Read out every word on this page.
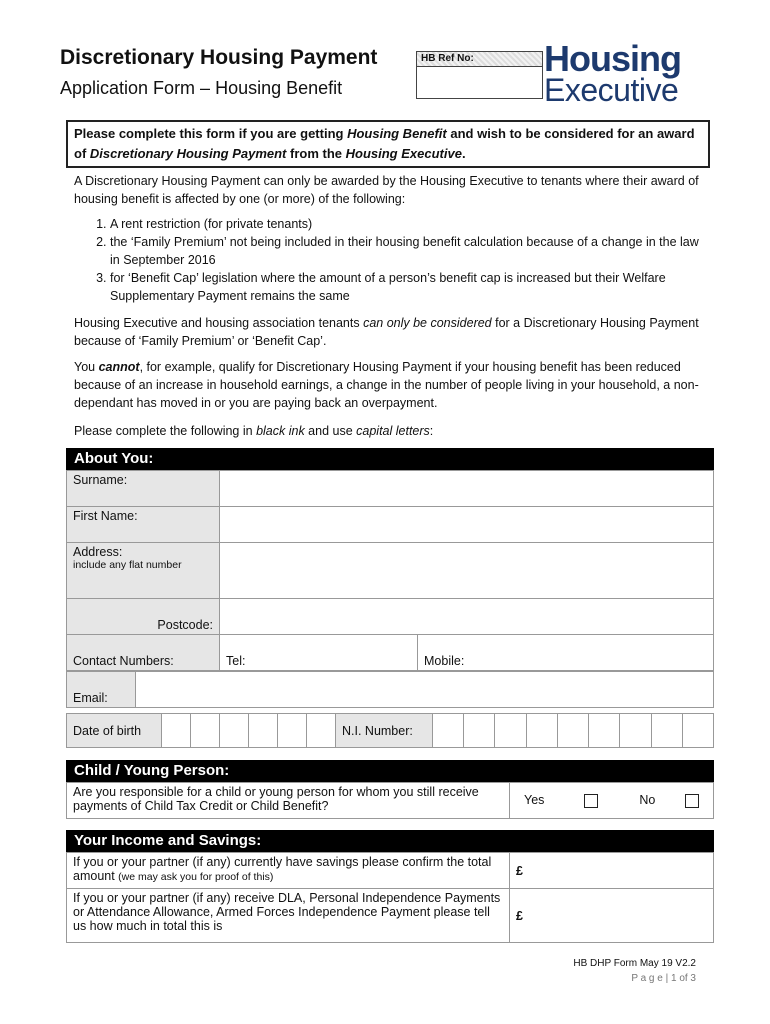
Discretionary Housing Payment
Application Form – Housing Benefit
HB Ref No:	Housing
Executive
Please complete this form if you are getting Housing Benefit and wish to be considered for an award of Discretionary Housing Payment from the Housing Executive.
A Discretionary Housing Payment can only be awarded by the Housing Executive to tenants where their award of housing benefit is affected by one (or more) of the following:
1. A rent restriction (for private tenants)
2. the ‘Family Premium’ not being included in their housing benefit calculation because of a change in the law in September 2016
3. for ‘Benefit Cap’ legislation where the amount of a person’s benefit cap is increased but their Welfare Supplementary Payment remains the same
Housing Executive and housing association tenants can only be considered for a Discretionary Housing Payment because of ‘Family Premium’ or ‘Benefit Cap’.
You cannot, for example, qualify for Discretionary Housing Payment if your housing benefit has been reduced because of an increase in household earnings, a change in the number of people living in your household, a non-dependant has moved in or you are paying back an overpayment.
Please complete the following in black ink and use capital letters:
About You:
Surname:		
First Name:		

Address:
include any flat number		

Postcode:		
Contact Numbers:	Tel:	Mobile:
Email:	
Date of birth							N.I. Number:									
Child / Young Person:
Are you responsible for a child or young person for whom you still receive payments of Child Tax Credit or Child Benefit?	Yes	No
Your Income and Savings:
If you or your partner (if any) currently have savings please confirm the total amount (we may ask you for proof of this)	£
If you or your partner (if any) receive DLA, Personal Independence Payments or Attendance Allowance, Armed Forces Independence Payment please tell us how much in total this is	£
HB DHP Form May 19 V2.2
P a g e | 1 of 3
